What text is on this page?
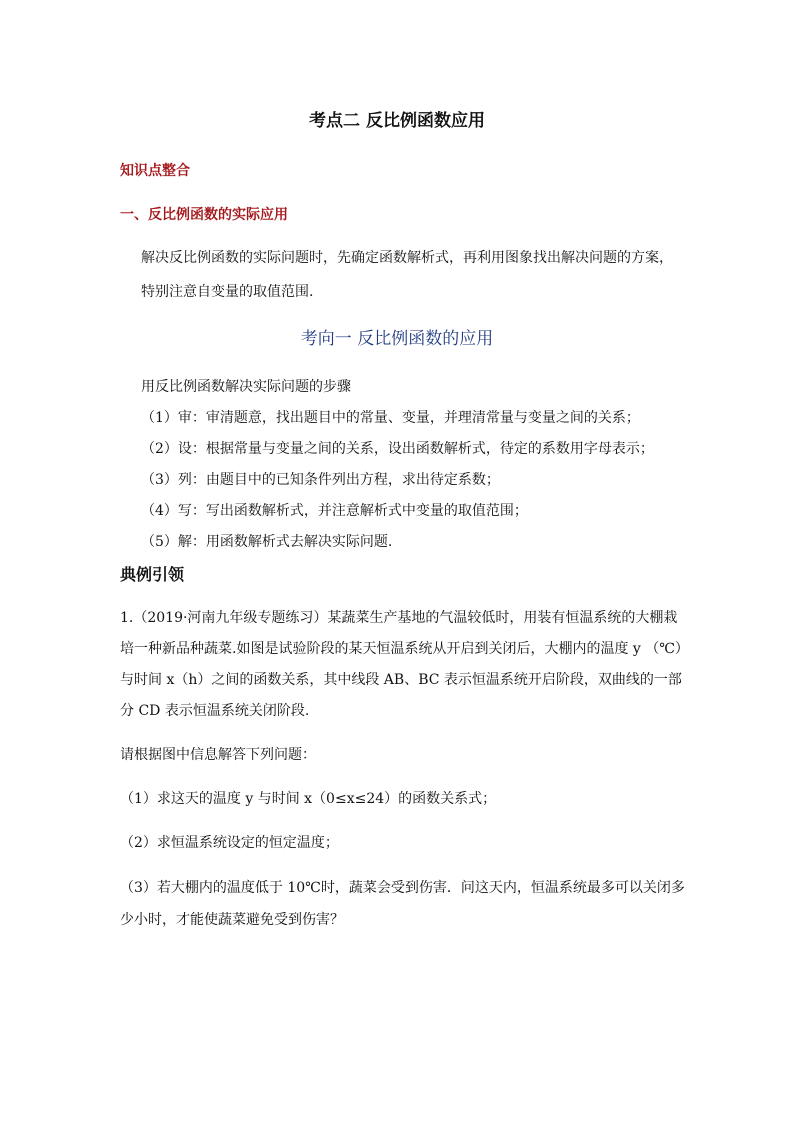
考点二 反比例函数应用
知识点整合
一、反比例函数的实际应用
解决反比例函数的实际问题时，先确定函数解析式，再利用图象找出解决问题的方案，
特别注意自变量的取值范围.
考向一 反比例函数的应用
用反比例函数解决实际问题的步骤
（1）审：审清题意，找出题目中的常量、变量，并理清常量与变量之间的关系；
（2）设：根据常量与变量之间的关系，设出函数解析式，待定的系数用字母表示；
（3）列：由题目中的已知条件列出方程，求出待定系数；
（4）写：写出函数解析式，并注意解析式中变量的取值范围；
（5）解：用函数解析式去解决实际问题.
典例引领
1.（2019·河南九年级专题练习）某蔬菜生产基地的气温较低时，用装有恒温系统的大棚栽
培一种新品种蔬菜.如图是试验阶段的某天恒温系统从开启到关闭后，大棚内的温度 y （℃）
与时间 x（h）之间的函数关系，其中线段 AB、BC 表示恒温系统开启阶段，双曲线的一部
分 CD 表示恒温系统关闭阶段.
请根据图中信息解答下列问题：
（1）求这天的温度 y 与时间 x（0≤x≤24）的函数关系式；
（2）求恒温系统设定的恒定温度；
（3）若大棚内的温度低于 10℃时，蔬菜会受到伤害．问这天内，恒温系统最多可以关闭多
少小时，才能使蔬菜避免受到伤害？
